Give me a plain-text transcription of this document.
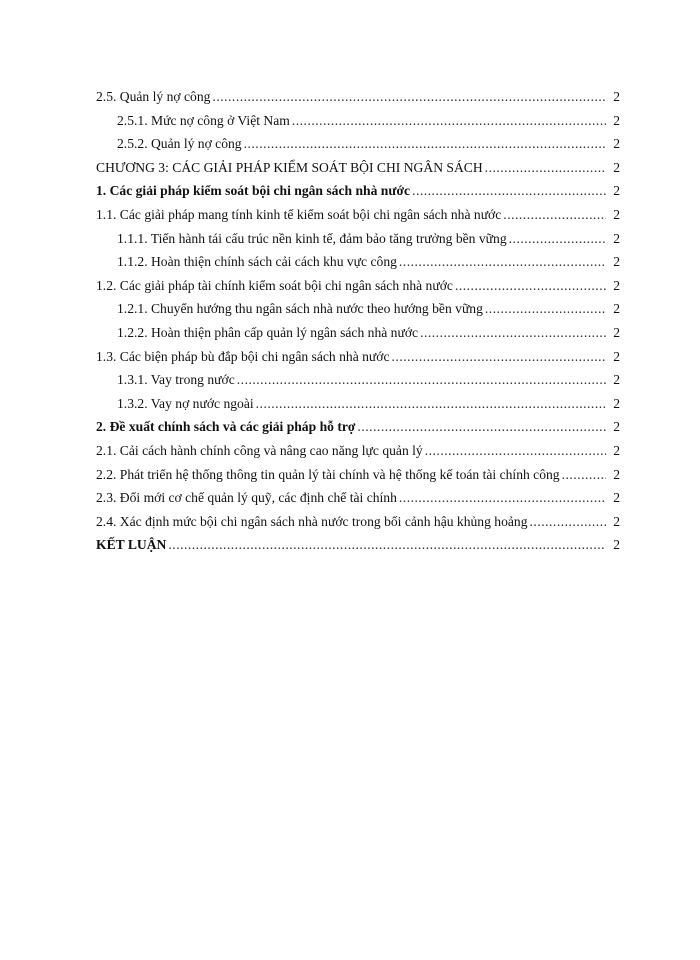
2.5. Quản lý nợ công .....	2
2.5.1. Mức nợ công ở Việt Nam .....	2
2.5.2. Quản lý nợ công .....	2
CHƯƠNG 3: CÁC GIẢI PHÁP KIỂM SOÁT BỘI CHI NGÂN SÁCH .....	2
1. Các giải pháp kiểm soát bội chi ngân sách nhà nước .....	2
1.1. Các giải pháp mang tính kinh tế kiểm soát bội chi ngân sách nhà nước .....	2
1.1.1. Tiến hành tái cấu trúc nền kinh tế, đảm bảo tăng trưởng bền vững .....	2
1.1.2. Hoàn thiện chính sách cải cách khu vực công .....	2
1.2. Các giải pháp tài chính kiểm soát bội chi ngân sách nhà nước .....	2
1.2.1. Chuyển hướng thu ngân sách nhà nước theo hướng bền vững .....	2
1.2.2. Hoàn thiện phân cấp quản lý ngân sách nhà nước .....	2
1.3. Các biện pháp bù đắp bội chi ngân sách nhà nước .....	2
1.3.1. Vay trong nước .....	2
1.3.2. Vay nợ nước ngoài .....	2
2. Đề xuất chính sách và các giải pháp hỗ trợ .....	2
2.1. Cải cách hành chính công và nâng cao năng lực quản lý .....	2
2.2. Phát triển hệ thống thông tin quản lý tài chính và hệ thống kế toán tài chính công .....	2
2.3. Đổi mới cơ chế quản lý quỹ, các định chế tài chính .....	2
2.4. Xác định mức bội chi ngân sách nhà nước trong bối cảnh hậu khủng hoảng .....	2
KẾT LUẬN .....	2
